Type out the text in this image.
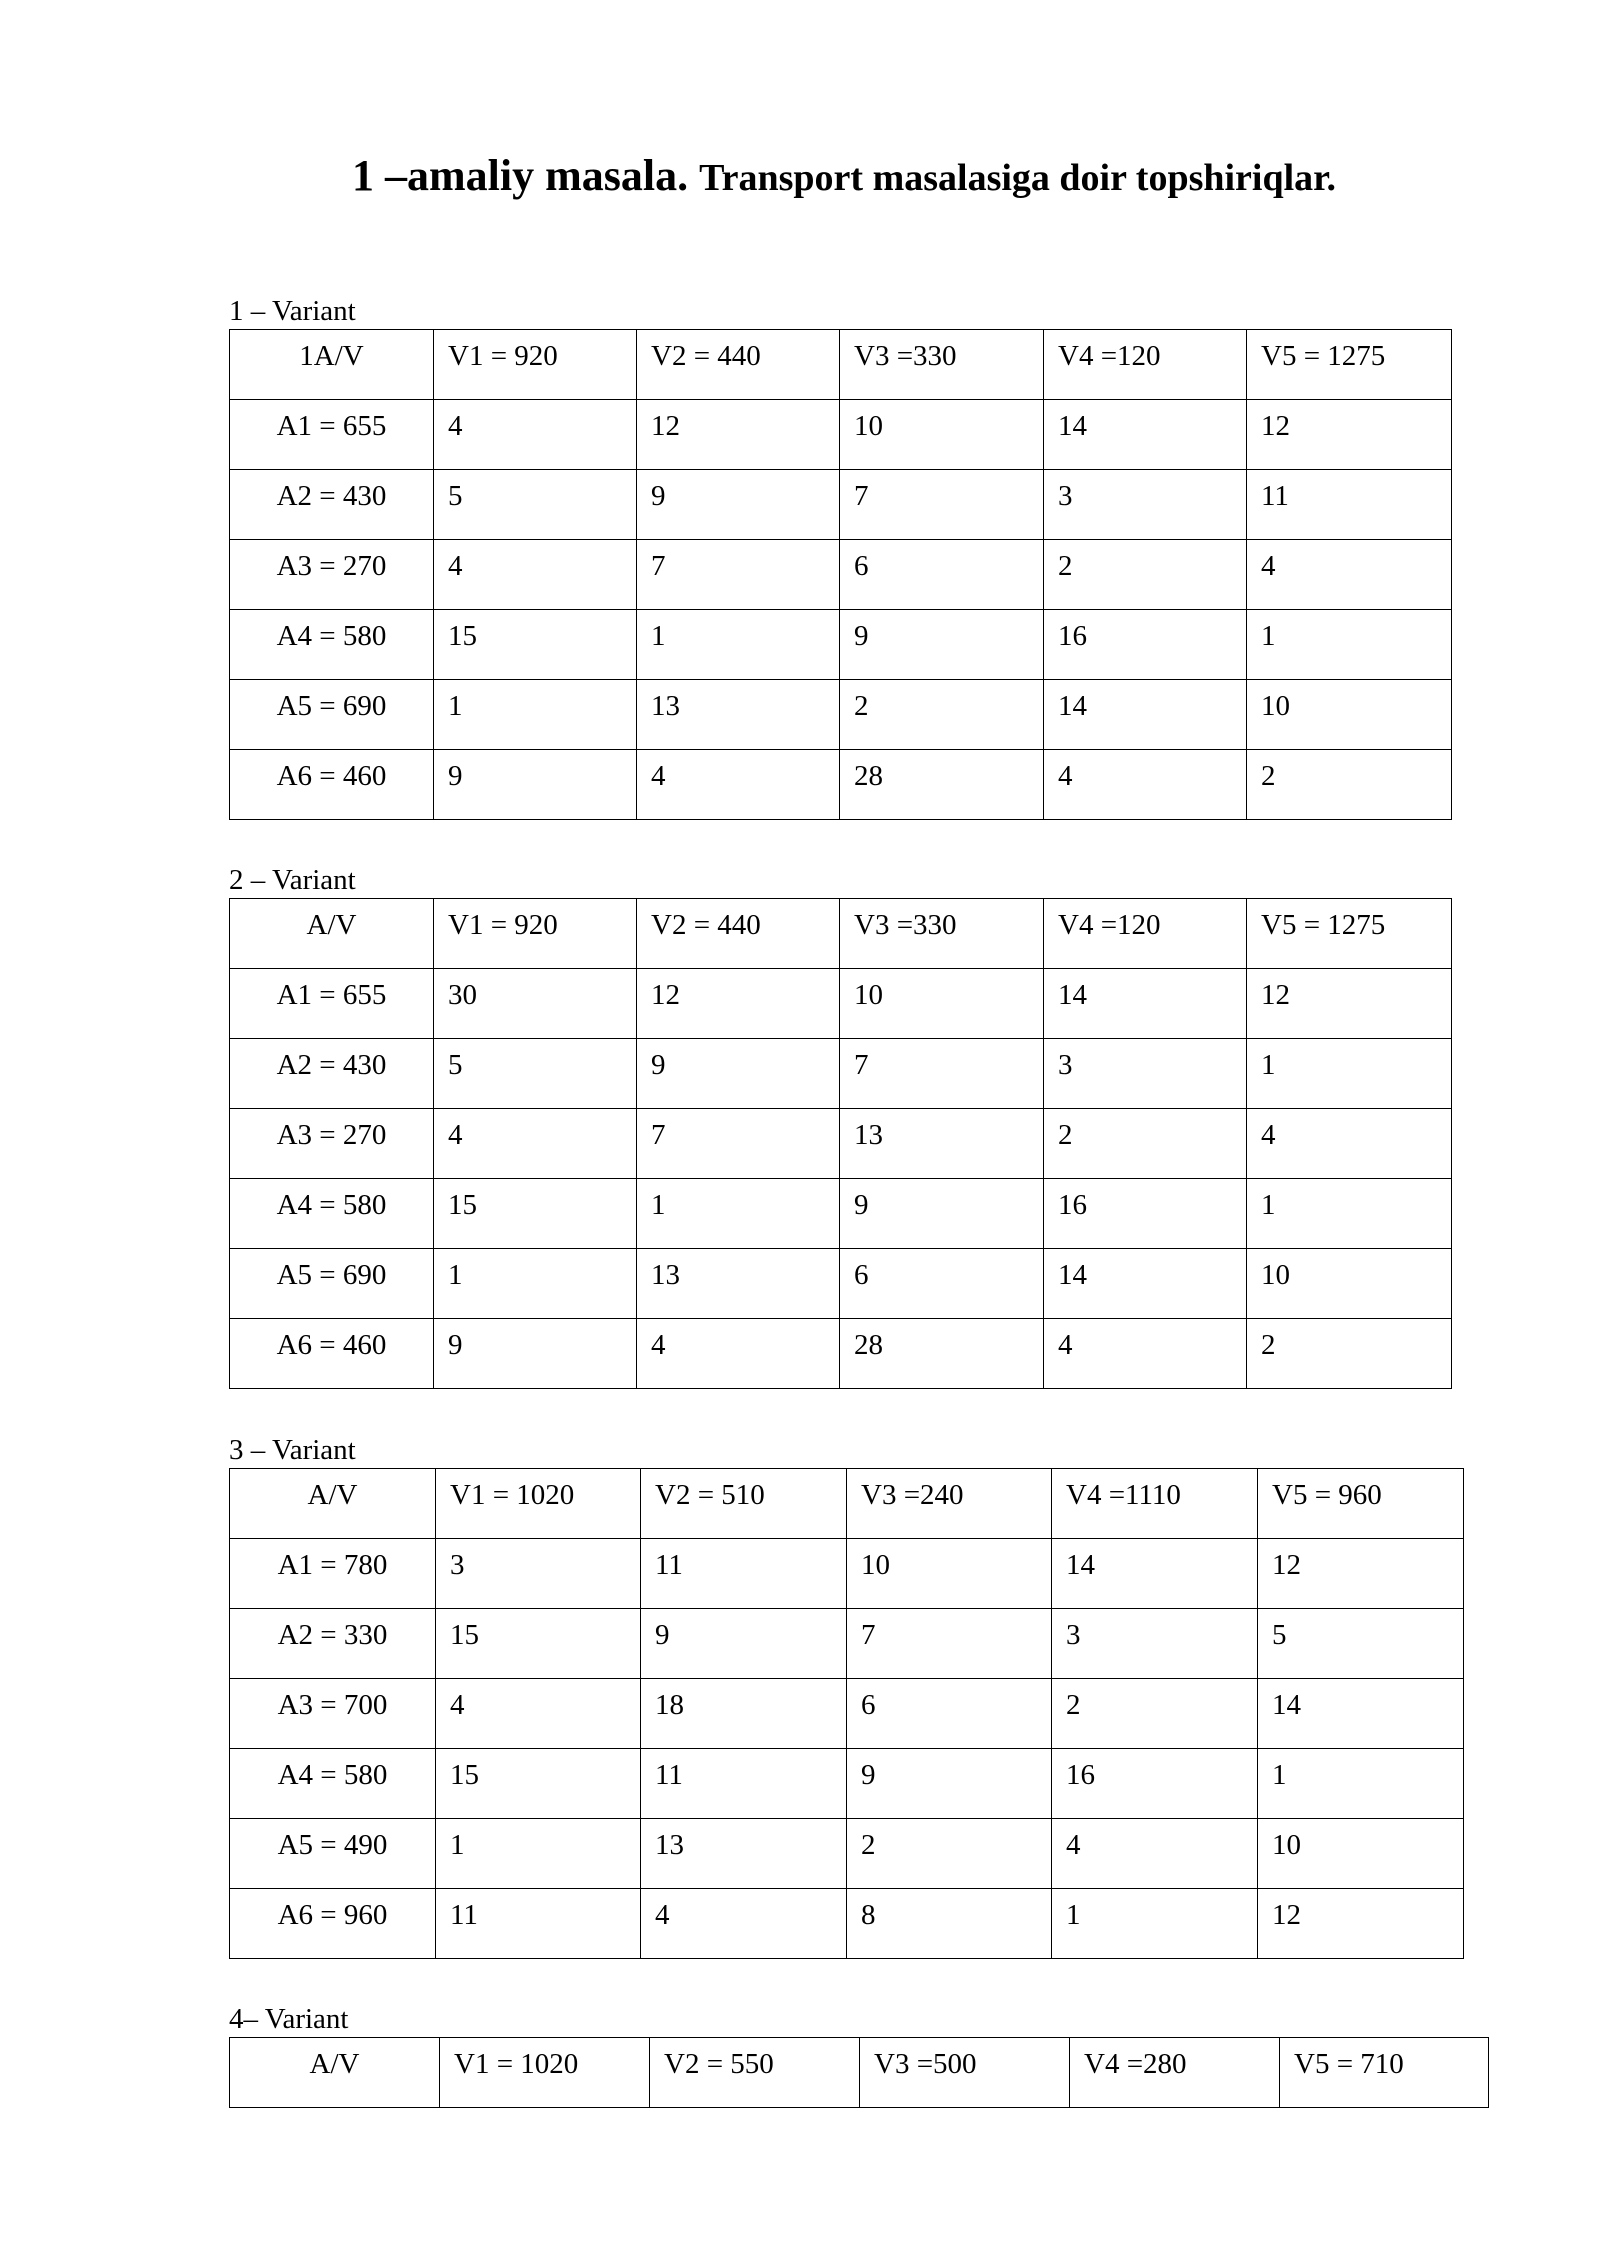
1 –amaliy masala. Transport masalasiga doir topshiriqlar.
1 – Variant
1A/V	V1 = 920	V2 = 440	V3 =330	V4 =120	V5 = 1275
A1 = 655	4	12	10	14	12
A2 = 430	5	9	7	3	11
A3 = 270	4	7	6	2	4
A4 = 580	15	1	9	16	1
A5 = 690	1	13	2	14	10
A6 = 460	9	4	28	4	2
2 – Variant
A/V	V1 = 920	V2 = 440	V3 =330	V4 =120	V5 = 1275
A1 = 655	30	12	10	14	12
A2 = 430	5	9	7	3	1
A3 = 270	4	7	13	2	4
A4 = 580	15	1	9	16	1
A5 = 690	1	13	6	14	10
A6 = 460	9	4	28	4	2
3 – Variant
A/V	V1 = 1020	V2 = 510	V3 =240	V4 =1110	V5 = 960
A1 = 780	3	11	10	14	12
A2 = 330	15	9	7	3	5
A3 = 700	4	18	6	2	14
A4 = 580	15	11	9	16	1
A5 = 490	1	13	2	4	10
A6 = 960	11	4	8	1	12
4– Variant
A/V	V1 = 1020	V2 = 550	V3 =500	V4 =280	V5 = 710
